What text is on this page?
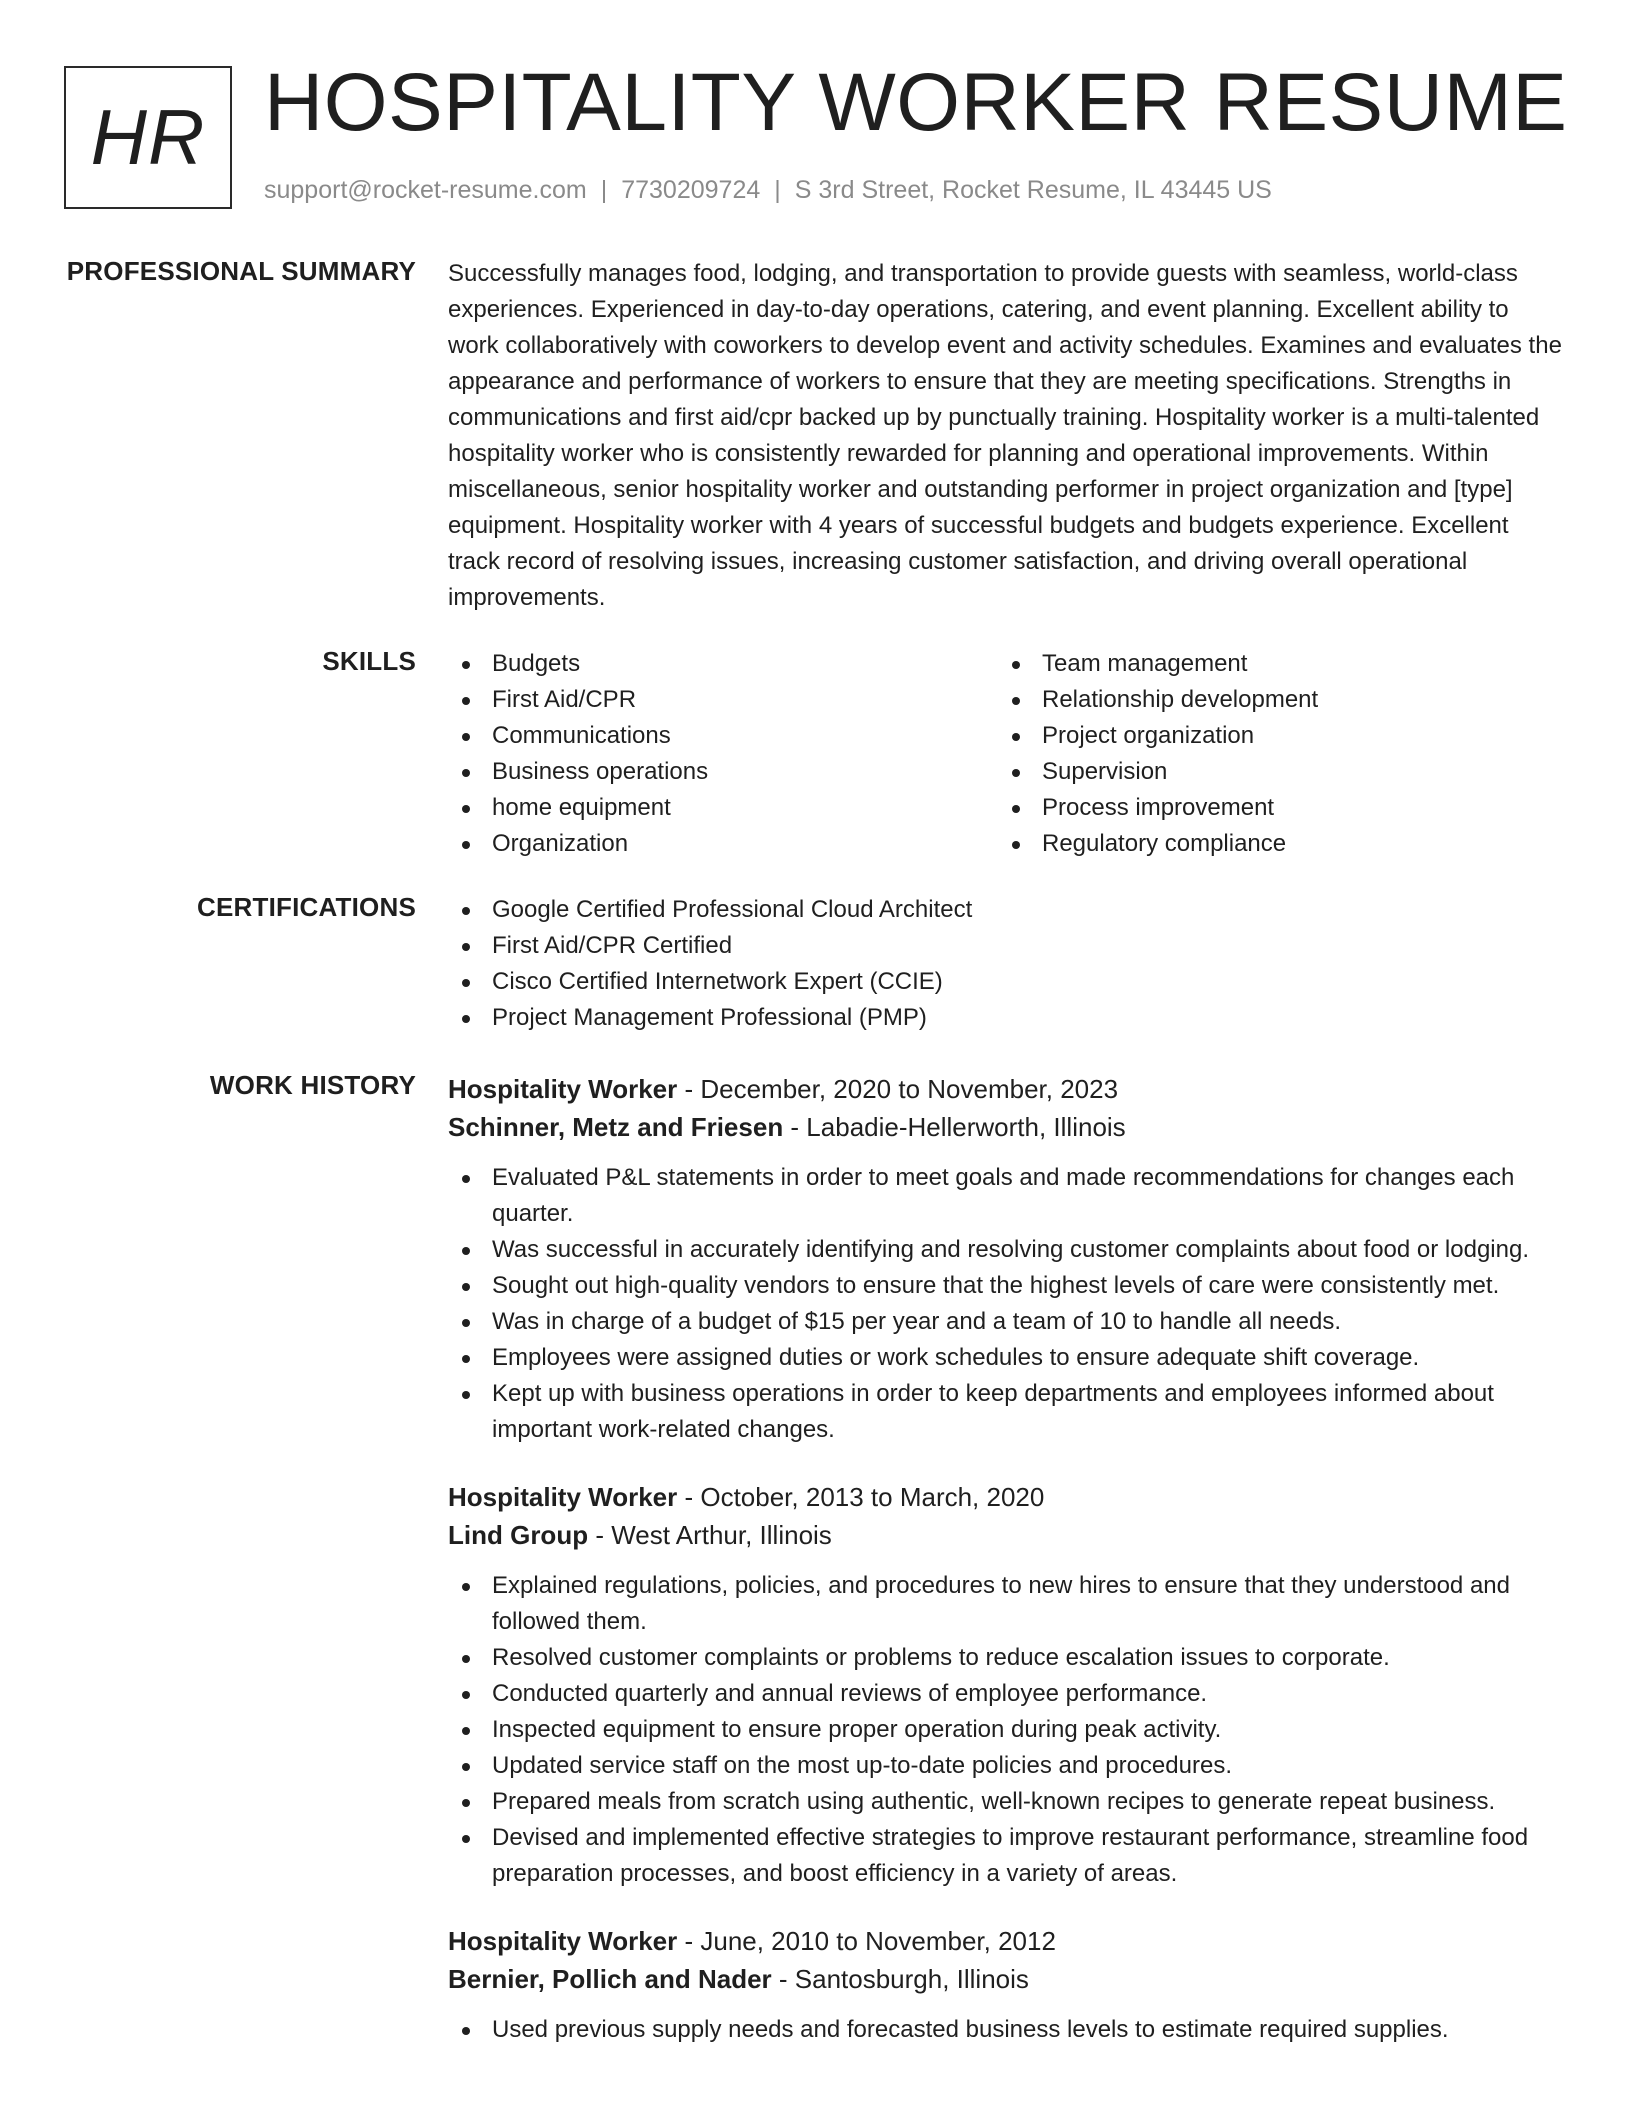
HR HOSPITALITY WORKER RESUME
support@rocket-resume.com | 7730209724 | S 3rd Street, Rocket Resume, IL 43445 US
PROFESSIONAL SUMMARY Successfully manages food, lodging, and transportation to provide guests with seamless, world-class experiences. Experienced in day-to-day operations, catering, and event planning. Excellent ability to work collaboratively with coworkers to develop event and activity schedules. Examines and evaluates the appearance and performance of workers to ensure that they are meeting specifications. Strengths in communications and first aid/cpr backed up by punctually training. Hospitality worker is a multi-talented hospitality worker who is consistently rewarded for planning and operational improvements. Within miscellaneous, senior hospitality worker and outstanding performer in project organization and [type] equipment. Hospitality worker with 4 years of successful budgets and budgets experience. Excellent track record of resolving issues, increasing customer satisfaction, and driving overall operational improvements.

SKILLS	Budgets
First Aid/CPR
Communications
Business operations
home equipment
Organization
Team management
Relationship development
Project organization
Supervision
Process improvement
Regulatory compliance
CERTIFICATIONS	Google Certified Professional Cloud Architect
First Aid/CPR Certified
Cisco Certified Internetwork Expert (CCIE)
Project Management Professional (PMP)
WORK HISTORY Hospitality Worker - December, 2020 to November, 2023
Schinner, Metz and Friesen - Labadie-Hellerworth, Illinois
Evaluated P&L statements in order to meet goals and made recommendations for changes each quarter.
Was successful in accurately identifying and resolving customer complaints about food or lodging.
Sought out high-quality vendors to ensure that the highest levels of care were consistently met.
Was in charge of a budget of $15 per year and a team of 10 to handle all needs.
Employees were assigned duties or work schedules to ensure adequate shift coverage.
Kept up with business operations in order to keep departments and employees informed about important work-related changes.
Hospitality Worker - October, 2013 to March, 2020
Lind Group - West Arthur, Illinois
Explained regulations, policies, and procedures to new hires to ensure that they understood and followed them.
Resolved customer complaints or problems to reduce escalation issues to corporate.
Conducted quarterly and annual reviews of employee performance.
Inspected equipment to ensure proper operation during peak activity.
Updated service staff on the most up-to-date policies and procedures.
Prepared meals from scratch using authentic, well-known recipes to generate repeat business.
Devised and implemented effective strategies to improve restaurant performance, streamline food preparation processes, and boost efficiency in a variety of areas.
Hospitality Worker - June, 2010 to November, 2012
Bernier, Pollich and Nader - Santosburgh, Illinois
Used previous supply needs and forecasted business levels to estimate required supplies.
